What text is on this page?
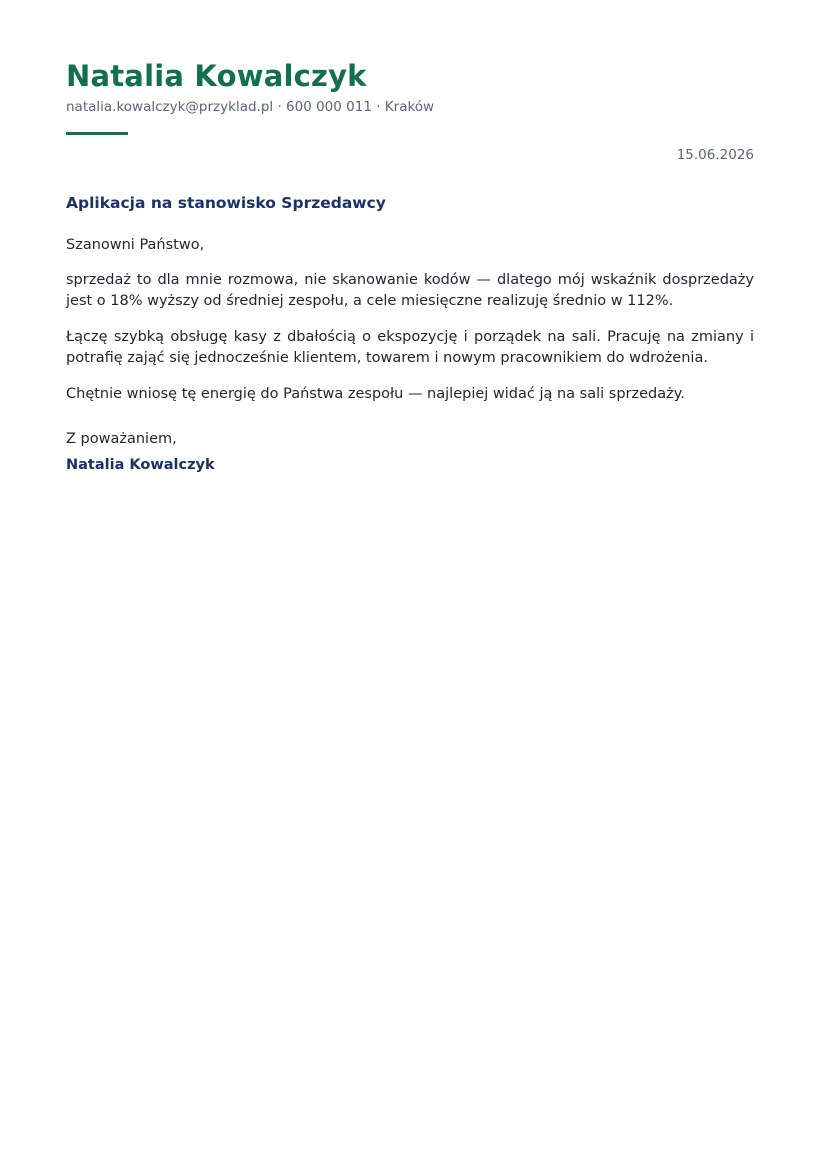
Natalia Kowalczyk
natalia.kowalczyk@przyklad.pl · 600 000 011 · Kraków
15.06.2026
Aplikacja na stanowisko Sprzedawcy

Szanowni Państwo,

sprzedaż to dla mnie rozmowa, nie skanowanie kodów — dlatego mój wskaźnik dosprzedaży jest o 18% wyższy od średniej zespołu, a cele miesięczne realizuję średnio w 112%.

Łączę szybką obsługę kasy z dbałością o ekspozycję i porządek na sali. Pracuję na zmiany i potrafię zająć się jednocześnie klientem, towarem i nowym pracownikiem do wdrożenia.

Chętnie wniosę tę energię do Państwa zespołu — najlepiej widać ją na sali sprzedaży.

Z poważaniem,
Natalia Kowalczyk
